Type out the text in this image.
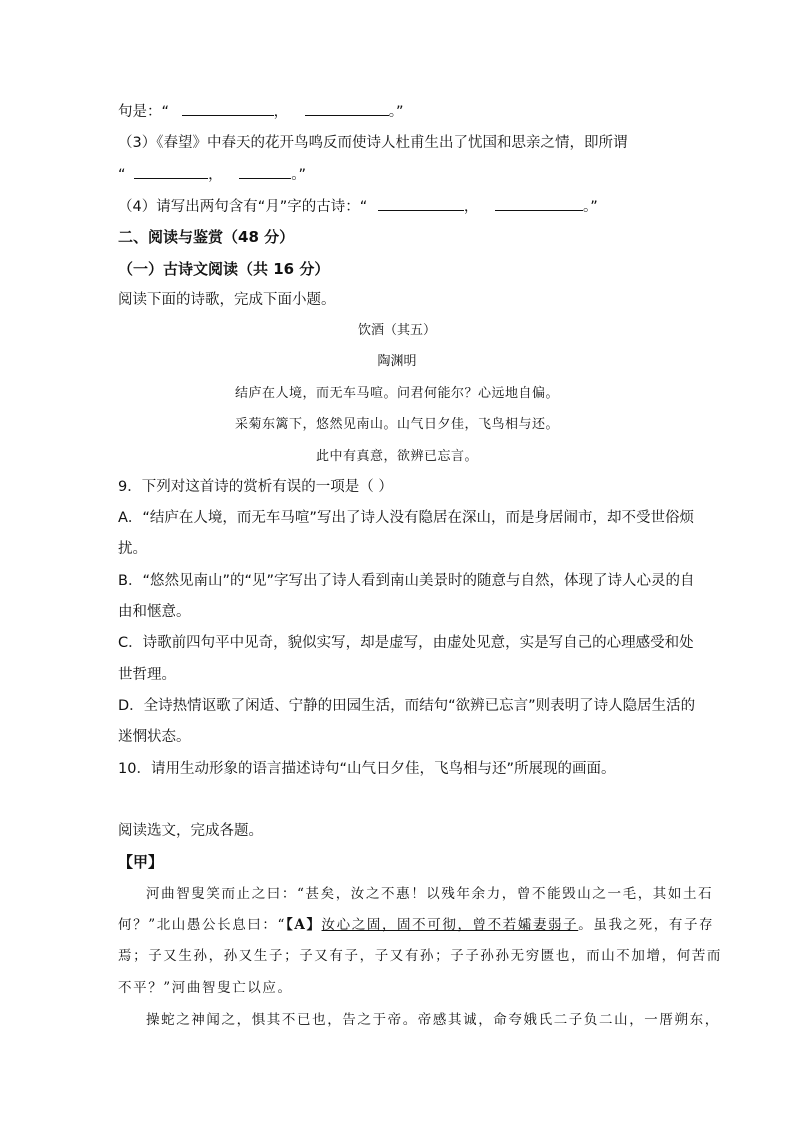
句是：“	，	。”
（3）《春望》中春天的花开鸟鸣反而使诗人杜甫生出了忧国和思亲之情，即所谓
“	，	。”
（4）请写出两句含有“月”字的古诗：“	，	。”
二、阅读与鉴赏（48 分）
（一）古诗文阅读（共 16 分）
阅读下面的诗歌，完成下面小题。
饮酒（其五）
陶渊明
结庐在人境，而无车马喧。问君何能尔？心远地自偏。
采菊东篱下，悠然见南山。山气日夕佳，飞鸟相与还。
此中有真意，欲辨已忘言。
9．下列对这首诗的赏析有误的一项是（ ）
A．“结庐在人境，而无车马喧”写出了诗人没有隐居在深山，而是身居闹市，却不受世俗烦
扰。
B．“悠然见南山”的“见”字写出了诗人看到南山美景时的随意与自然，体现了诗人心灵的自
由和惬意。
C．诗歌前四句平中见奇，貌似实写，却是虚写，由虚处见意，实是写自己的心理感受和处
世哲理。
D．全诗热情讴歌了闲适、宁静的田园生活，而结句“欲辨已忘言”则表明了诗人隐居生活的
迷惘状态。
10．请用生动形象的语言描述诗句“山气日夕佳，飞鸟相与还”所展现的画面。
阅读选文，完成各题。
【甲】
河曲智叟笑而止之曰：“甚矣，汝之不惠！以残年余力，曾不能毁山之一毛，其如土石
何？”北山愚公长息曰：“【A】汝心之固，固不可彻，曾不若孀妻弱子。虽我之死，有子存
焉；子又生孙，孙又生子；子又有子，子又有孙；子子孙孙无穷匮也，而山不加增，何苦而
不平？”河曲智叟亡以应。
操蛇之神闻之，惧其不已也，告之于帝。帝感其诚，命夸娥氏二子负二山，一厝朔东，
